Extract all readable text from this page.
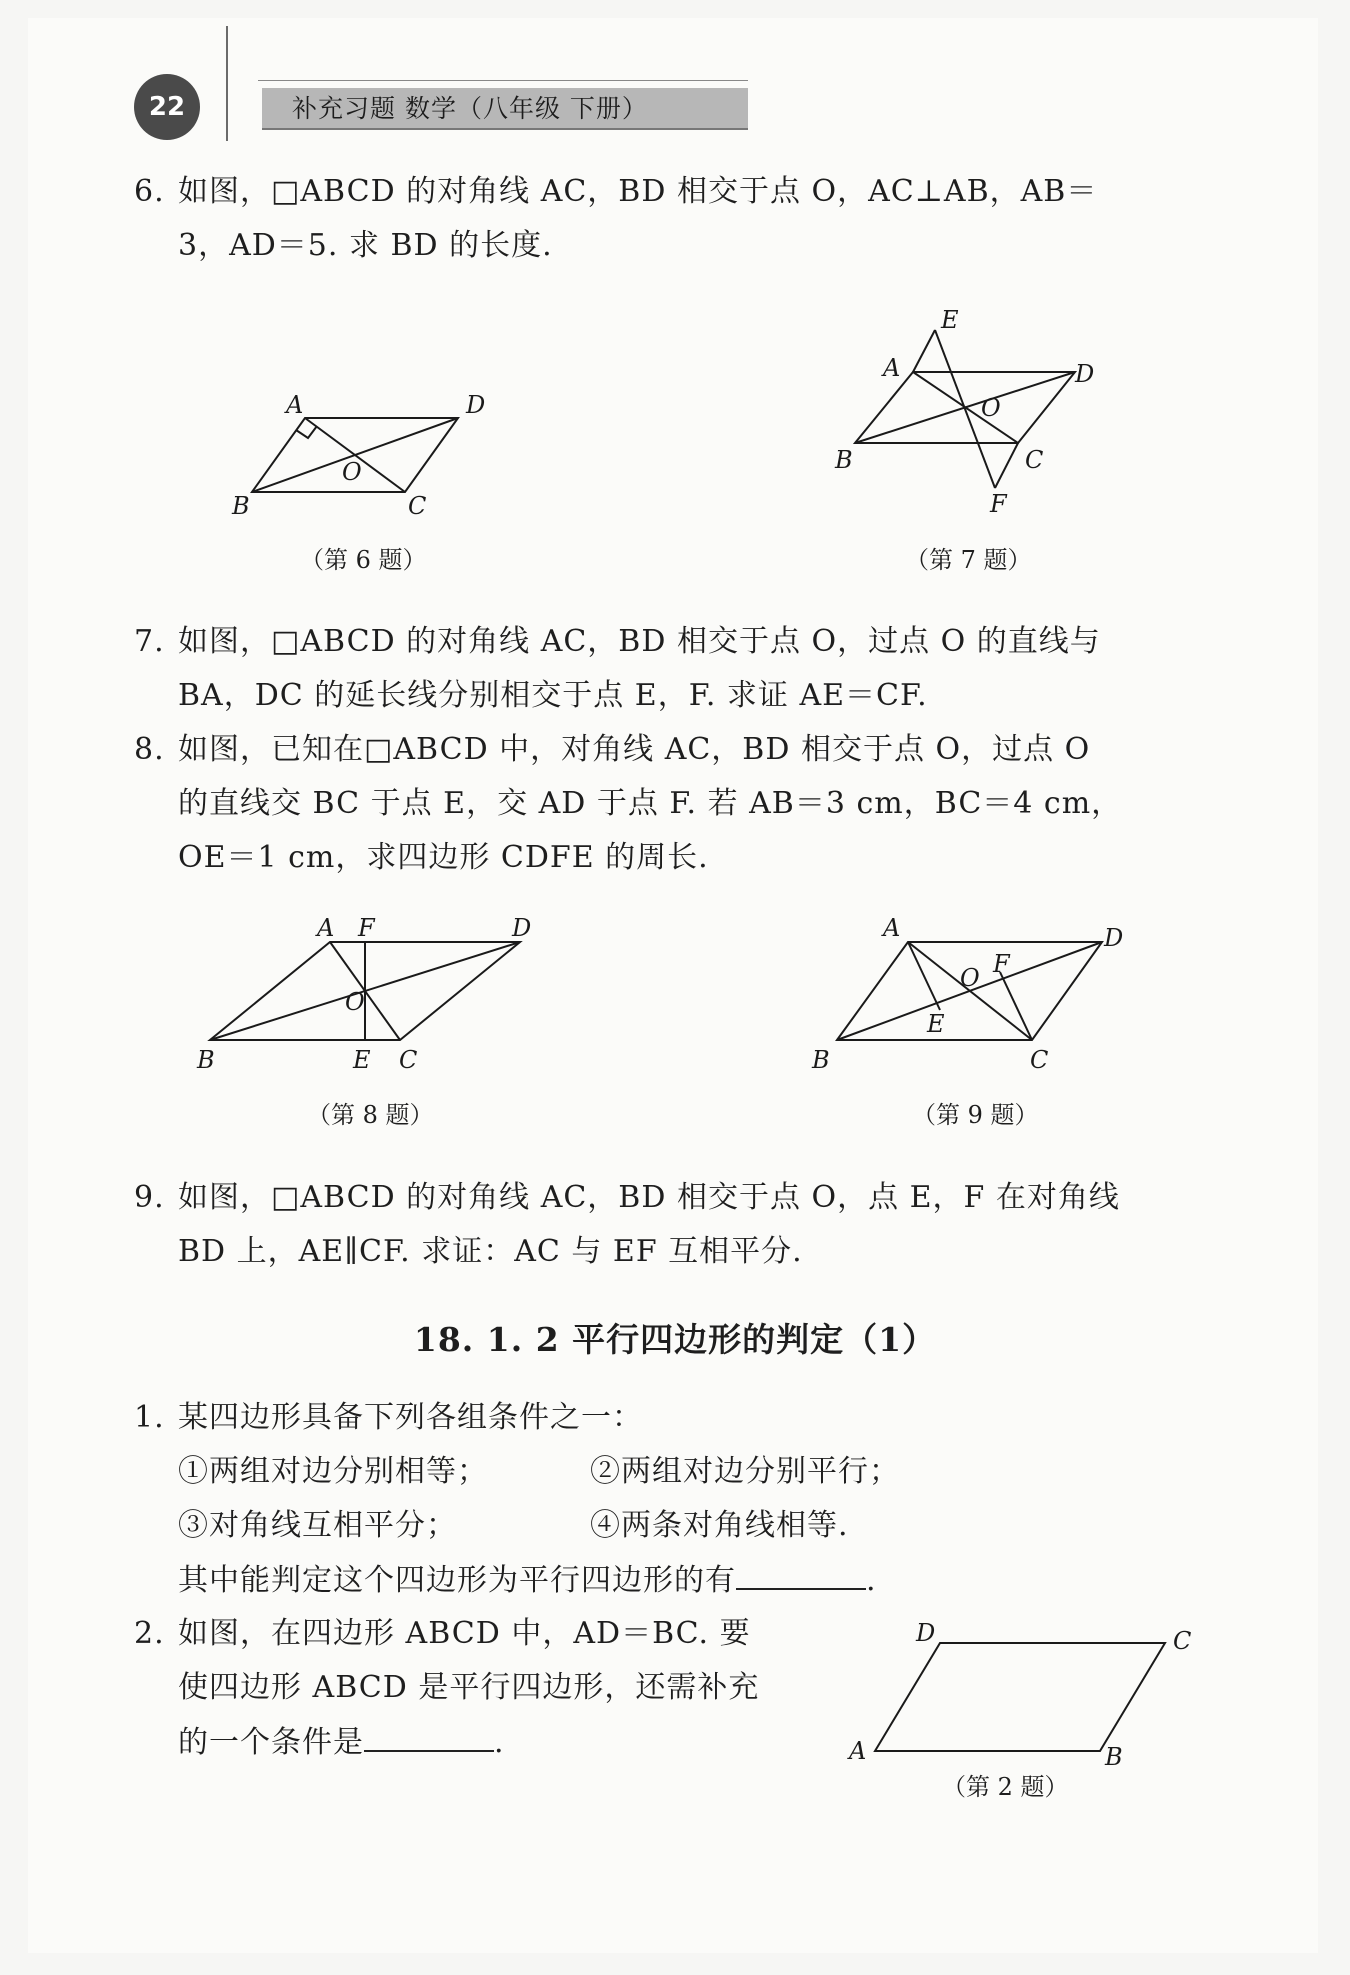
22	补充习题 数学（八年级 下册）
6. 如图，□ABCD 的对角线 AC，BD 相交于点 O，AC⊥AB，AB＝
3，AD＝5. 求 BD 的长度.
A	D
B	C
O
（第 6 题）
E
A	D
O
B	C
F
（第 7 题）
7. 如图，□ABCD 的对角线 AC，BD 相交于点 O，过点 O 的直线与
BA，DC 的延长线分别相交于点 E，F. 求证 AE＝CF.
8. 如图，已知在□ABCD 中，对角线 AC，BD 相交于点 O，过点 O
的直线交 BC 于点 E，交 AD 于点 F. 若 AB＝3 cm，BC＝4 cm，
OE＝1 cm，求四边形 CDFE 的周长.
A F	D
O
B	E C
（第 8 题）
A	D
O F
E
B	C
（第 9 题）
9. 如图，□ABCD 的对角线 AC，BD 相交于点 O，点 E，F 在对角线
BD 上，AE∥CF. 求证：AC 与 EF 互相平分.
18. 1. 2 平行四边形的判定（1）
1. 某四边形具备下列各组条件之一：
①两组对边分别相等；	②两组对边分别平行；
③对角线互相平分；	④两条对角线相等.
其中能判定这个四边形为平行四边形的有	.
2. 如图，在四边形 ABCD 中，AD＝BC. 要
使四边形 ABCD 是平行四边形，还需补充
的一个条件是	.
D	C
A	B
（第 2 题）
